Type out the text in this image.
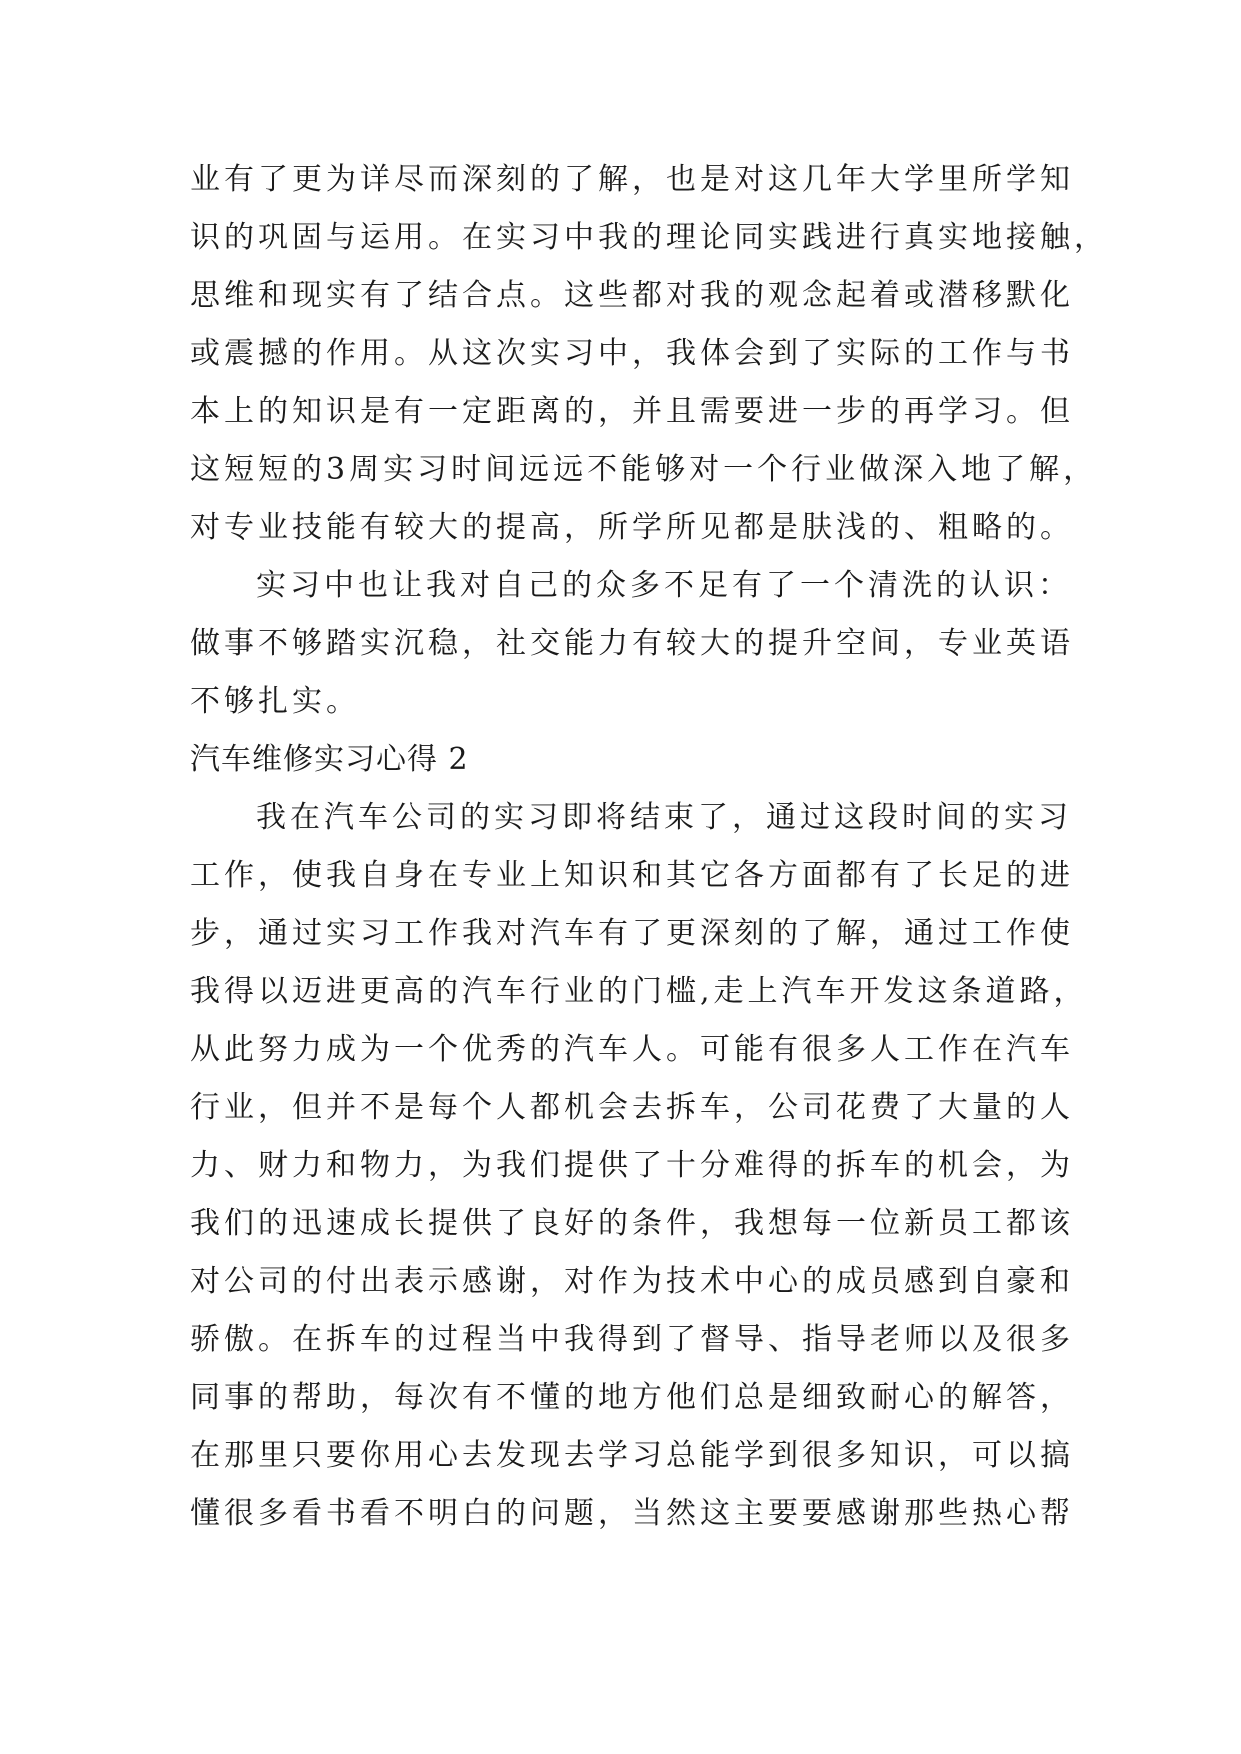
业有了更为详尽而深刻的了解，也是对这几年大学里所学知
识的巩固与运用。在实习中我的理论同实践进行真实地接触，
思维和现实有了结合点。这些都对我的观念起着或潜移默化
或震撼的作用。从这次实习中，我体会到了实际的工作与书
本上的知识是有一定距离的，并且需要进一步的再学习。但
这短短的3周实习时间远远不能够对一个行业做深入地了解，
对专业技能有较大的提高，所学所见都是肤浅的、粗略的。
实习中也让我对自己的众多不足有了一个清洗的认识：
做事不够踏实沉稳，社交能力有较大的提升空间，专业英语
不够扎实。
汽车维修实习心得 2
我在汽车公司的实习即将结束了，通过这段时间的实习
工作，使我自身在专业上知识和其它各方面都有了长足的进
步，通过实习工作我对汽车有了更深刻的了解，通过工作使
我得以迈进更高的汽车行业的门槛,走上汽车开发这条道路，
从此努力成为一个优秀的汽车人。可能有很多人工作在汽车
行业，但并不是每个人都机会去拆车，公司花费了大量的人
力、财力和物力，为我们提供了十分难得的拆车的机会，为
我们的迅速成长提供了良好的条件，我想每一位新员工都该
对公司的付出表示感谢，对作为技术中心的成员感到自豪和
骄傲。在拆车的过程当中我得到了督导、指导老师以及很多
同事的帮助，每次有不懂的地方他们总是细致耐心的解答，
在那里只要你用心去发现去学习总能学到很多知识，可以搞
懂很多看书看不明白的问题，当然这主要要感谢那些热心帮
